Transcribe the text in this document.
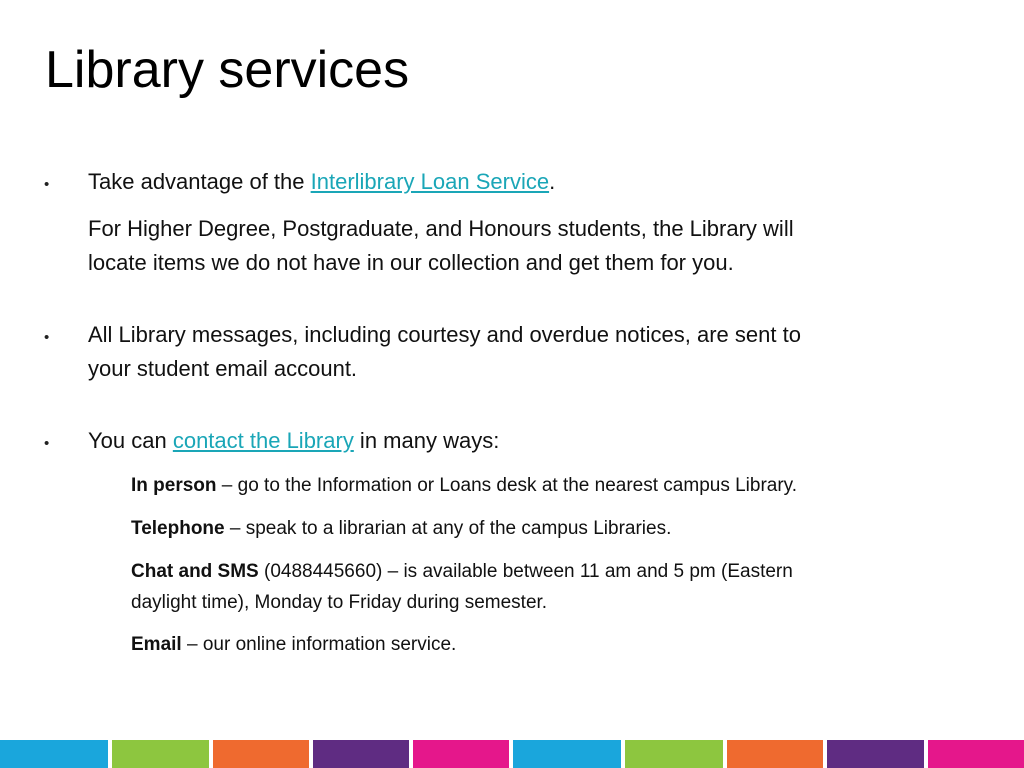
Library services
• Take advantage of the Interlibrary Loan Service.

For Higher Degree, Postgraduate, and Honours students, the Library will
locate items we do not have in our collection and get them for you.

• All Library messages, including courtesy and overdue notices, are sent to
your student email account.

• You can contact the Library in many ways:

In person – go to the Information or Loans desk at the nearest campus Library.

Telephone – speak to a librarian at any of the campus Libraries.

Chat and SMS (0488445660) – is available between 11 am and 5 pm (Eastern
daylight time), Monday to Friday during semester.

Email – our online information service.
